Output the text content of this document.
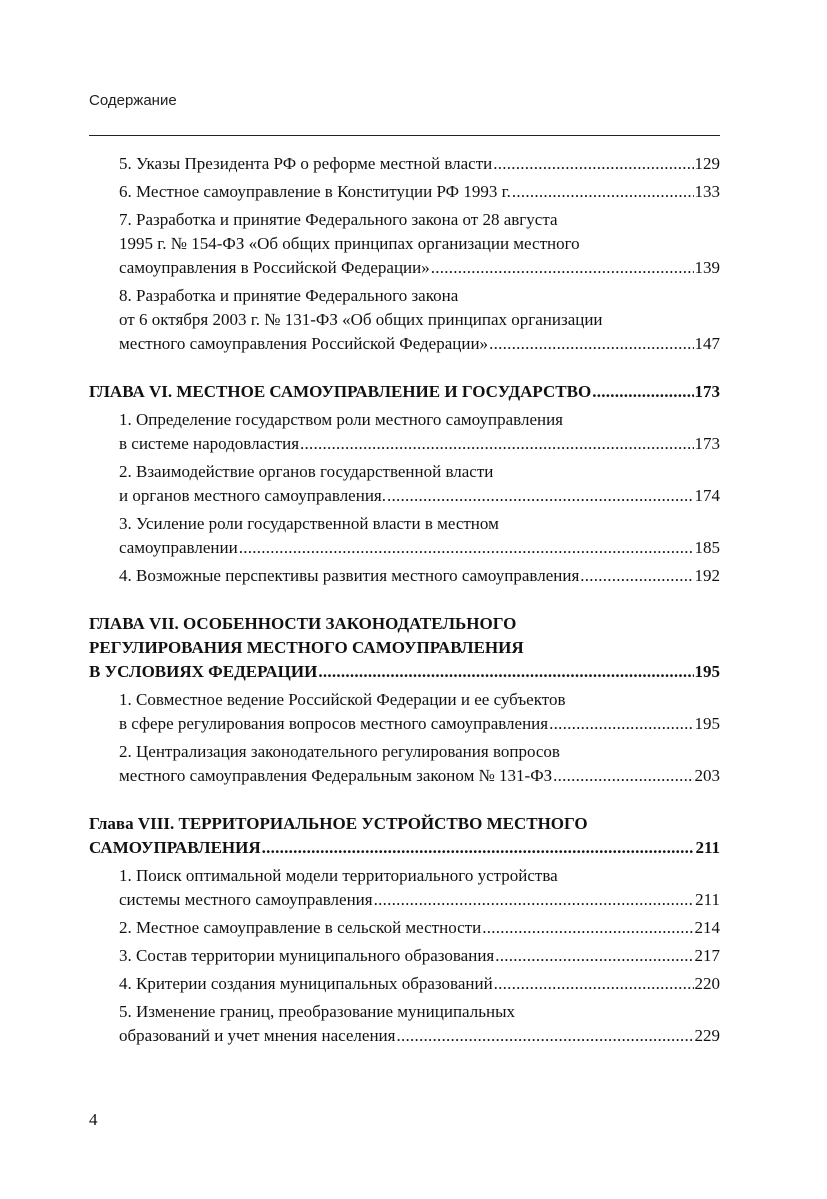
Содержание
5. Указы Президента РФ о реформе местной власти . . .	129
6. Местное самоуправление в Конституции РФ 1993 г. . . .	133
7. Разработка и принятие Федерального закона от 28 августа
1995 г. № 154-ФЗ «Об общих принципах организации местного
самоуправления в Российской Федерации» . . .	139
8. Разработка и принятие Федерального закона
от 6 октября 2003 г. № 131-ФЗ «Об общих принципах организации
местного самоуправления Российской Федерации» . . .	147
ГЛАВА VI. МЕСТНОЕ САМОУПРАВЛЕНИЕ И ГОСУДАРСТВО . . .	173
1. Определение государством роли местного самоуправления
в системе народовластия . . .	173
2. Взаимодействие органов государственной власти
и органов местного самоуправления. . . .	174
3. Усиление роли государственной власти в местном
самоуправлении . . .	185
4. Возможные перспективы развития местного самоуправления . . .	192
ГЛАВА VII. ОСОБЕННОСТИ ЗАКОНОДАТЕЛЬНОГО
РЕГУЛИРОВАНИЯ МЕСТНОГО САМОУПРАВЛЕНИЯ
В УСЛОВИЯХ ФЕДЕРАЦИИ . . .	195
1. Совместное ведение Российской Федерации и ее субъектов
в сфере регулирования вопросов местного самоуправления . . .	195
2. Централизация законодательного регулирования вопросов
местного самоуправления Федеральным законом № 131-ФЗ . . .	203
Глава VIII. ТЕРРИТОРИАЛЬНОЕ УСТРОЙСТВО МЕСТНОГО
САМОУПРАВЛЕНИЯ . . .	211
1. Поиск оптимальной модели территориального устройства
системы местного самоуправления . . .	211
2. Местное самоуправление в сельской местности . . .	214
3. Состав территории муниципального образования . . .	217
4. Критерии создания муниципальных образований . . .	220
5. Изменение границ, преобразование муниципальных
образований и учет мнения населения . . .	229
4
